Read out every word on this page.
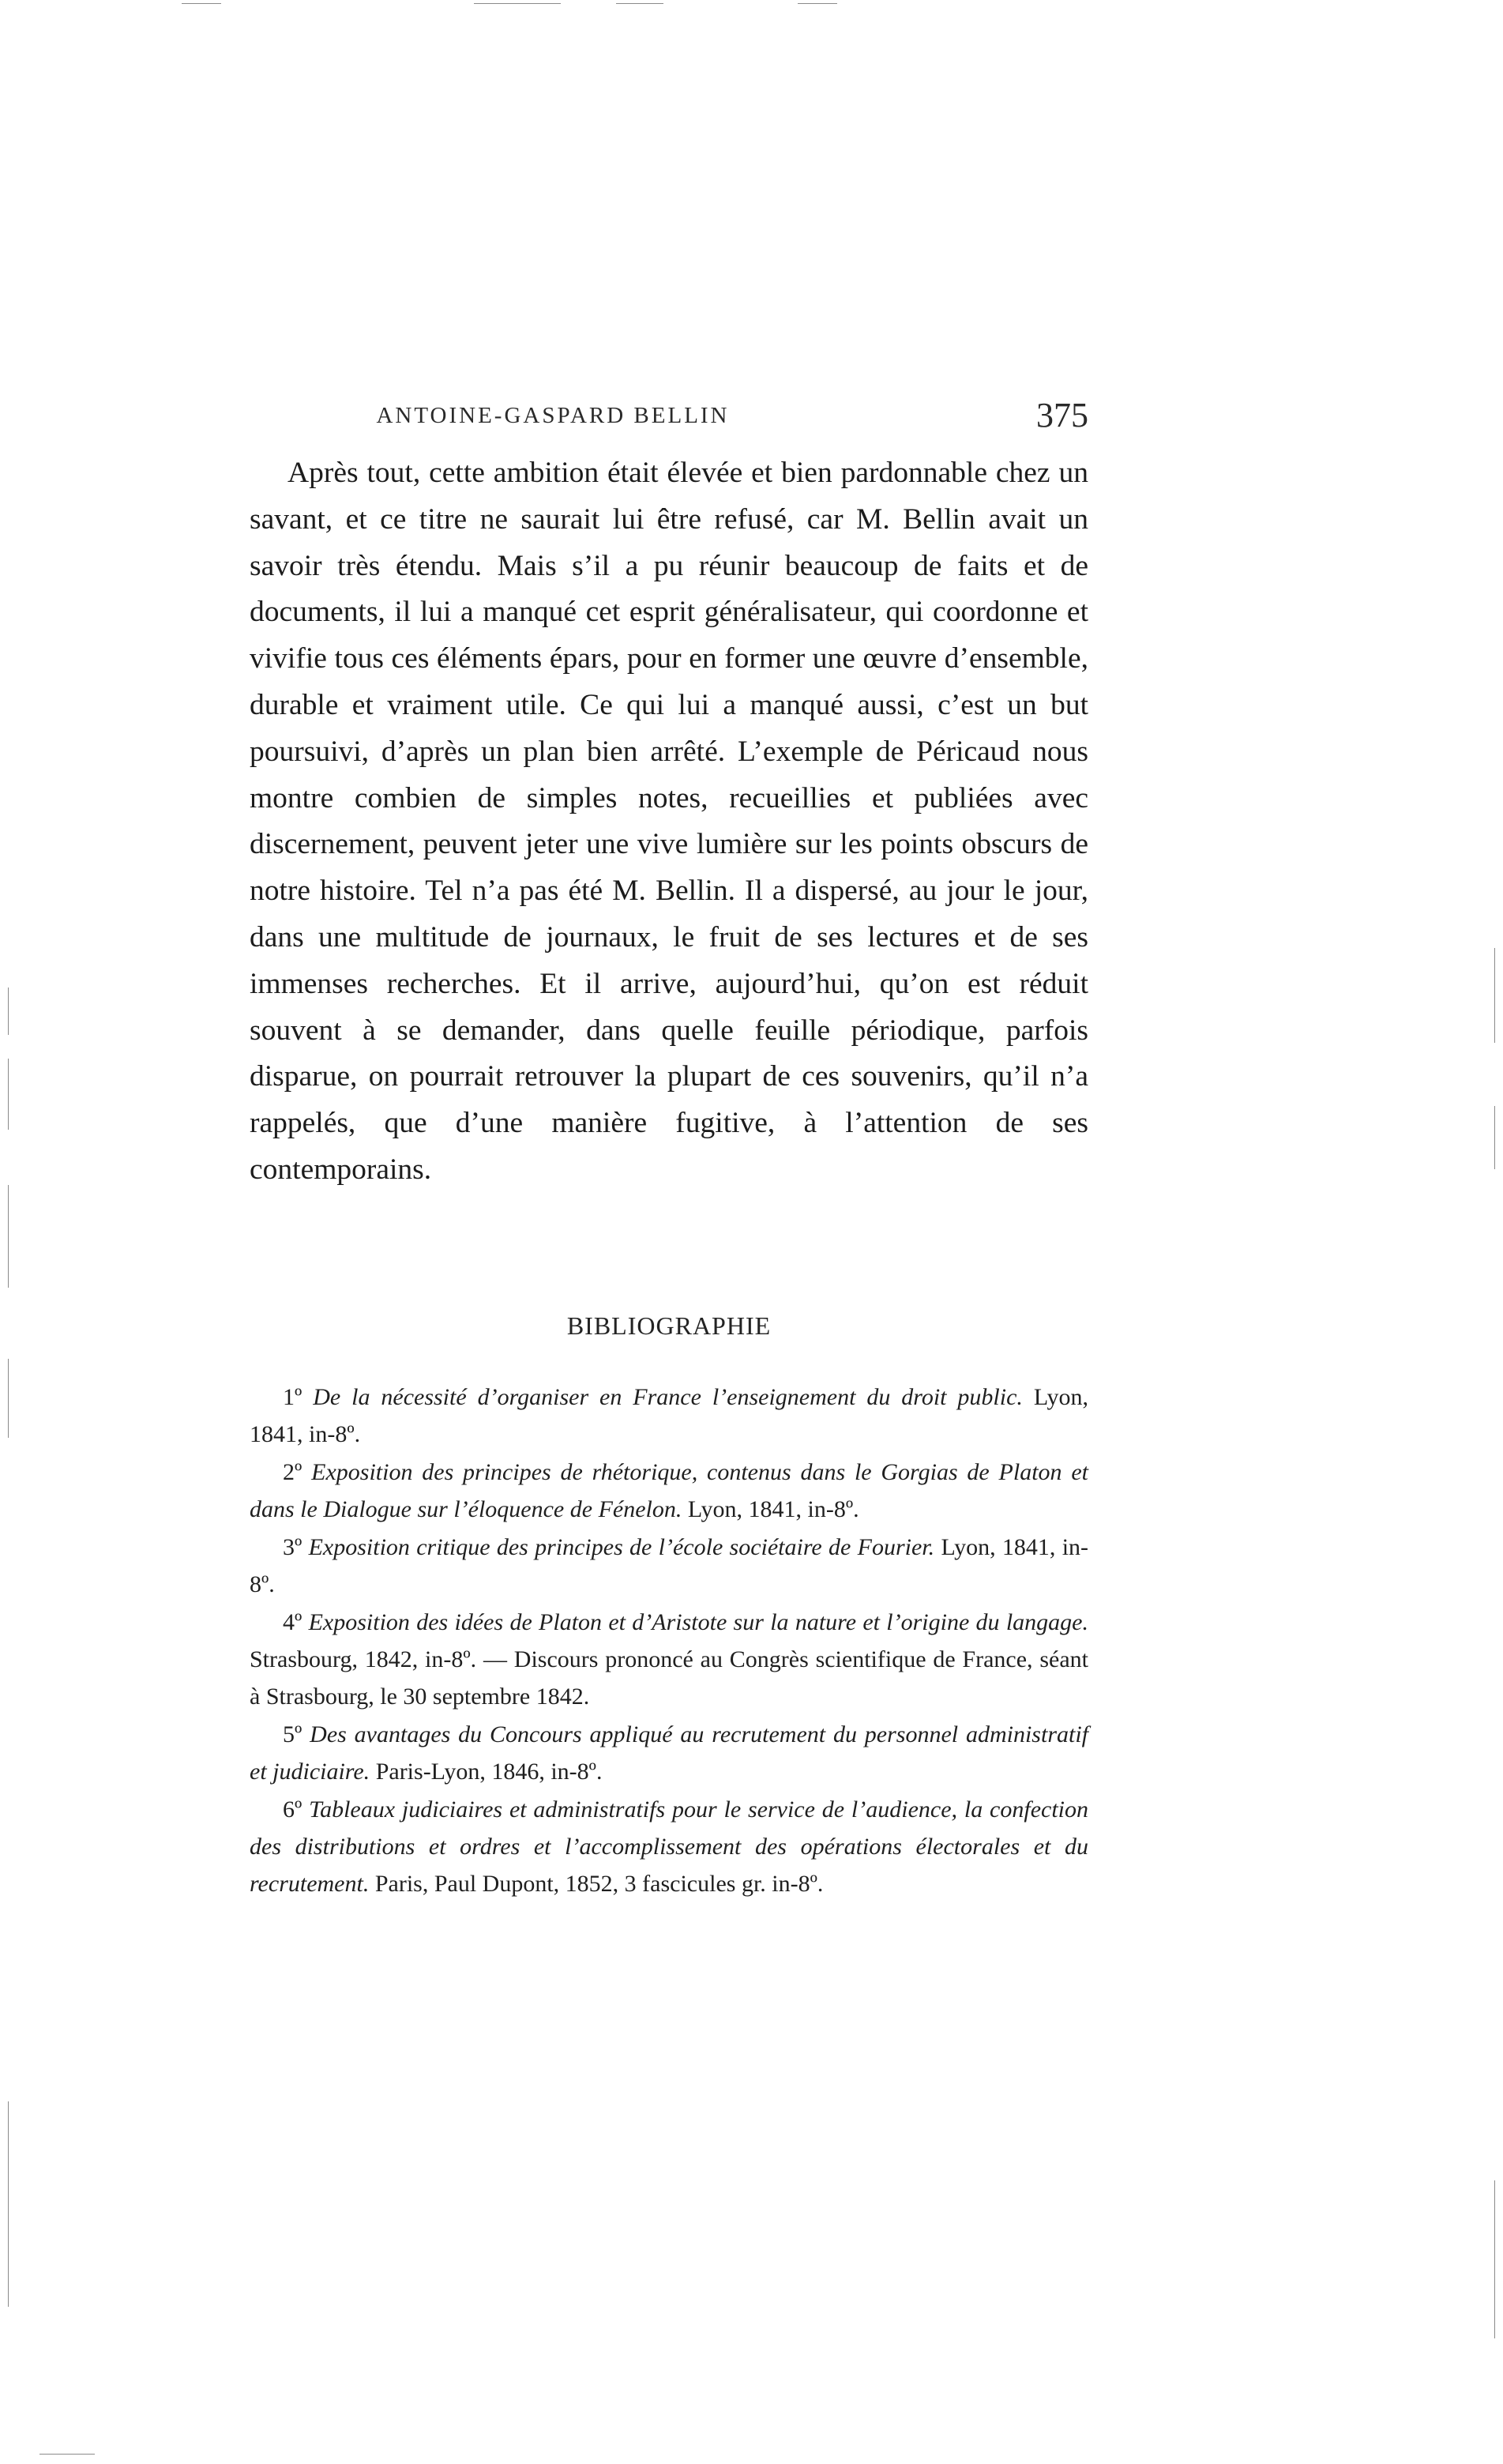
ANTOINE-GASPARD BELLIN	375

Après tout, cette ambition était élevée et bien pardonnable chez un savant, et ce titre ne saurait lui être refusé, car M. Bellin avait un savoir très étendu. Mais s’il a pu réunir beaucoup de faits et de documents, il lui a manqué cet esprit généralisateur, qui coordonne et vivifie tous ces éléments épars, pour en former une œuvre d’ensemble, durable et vraiment utile. Ce qui lui a manqué aussi, c’est un but poursuivi, d’après un plan bien arrêté. L’exemple de Péricaud nous montre combien de simples notes, recueillies et publiées avec discernement, peuvent jeter une vive lumière sur les points obscurs de notre histoire. Tel n’a pas été M. Bellin. Il a dispersé, au jour le jour, dans une multitude de journaux, le fruit de ses lectures et de ses immenses recherches. Et il arrive, aujourd’hui, qu’on est réduit souvent à se demander, dans quelle feuille périodique, parfois disparue, on pourrait retrouver la plupart de ces souvenirs, qu’il n’a rappelés, que d’une manière fugitive, à l’attention de ses contemporains.

BIBLIOGRAPHIE

1º De la nécessité d’organiser en France l’enseignement du droit public. Lyon, 1841, in-8º.

2º Exposition des principes de rhétorique, contenus dans le Gorgias de Platon et dans le Dialogue sur l’éloquence de Fénelon. Lyon, 1841, in-8º.

3º Exposition critique des principes de l’école sociétaire de Fourier. Lyon, 1841, in-8º.

4º Exposition des idées de Platon et d’Aristote sur la nature et l’origine du langage. Strasbourg, 1842, in-8º. — Discours prononcé au Congrès scientifique de France, séant à Strasbourg, le 30 septembre 1842.

5º Des avantages du Concours appliqué au recrutement du personnel administratif et judiciaire. Paris-Lyon, 1846, in-8º.

6º Tableaux judiciaires et administratifs pour le service de l’audience, la confection des distributions et ordres et l’accomplissement des opérations électorales et du recrutement. Paris, Paul Dupont, 1852, 3 fascicules gr. in-8º.
